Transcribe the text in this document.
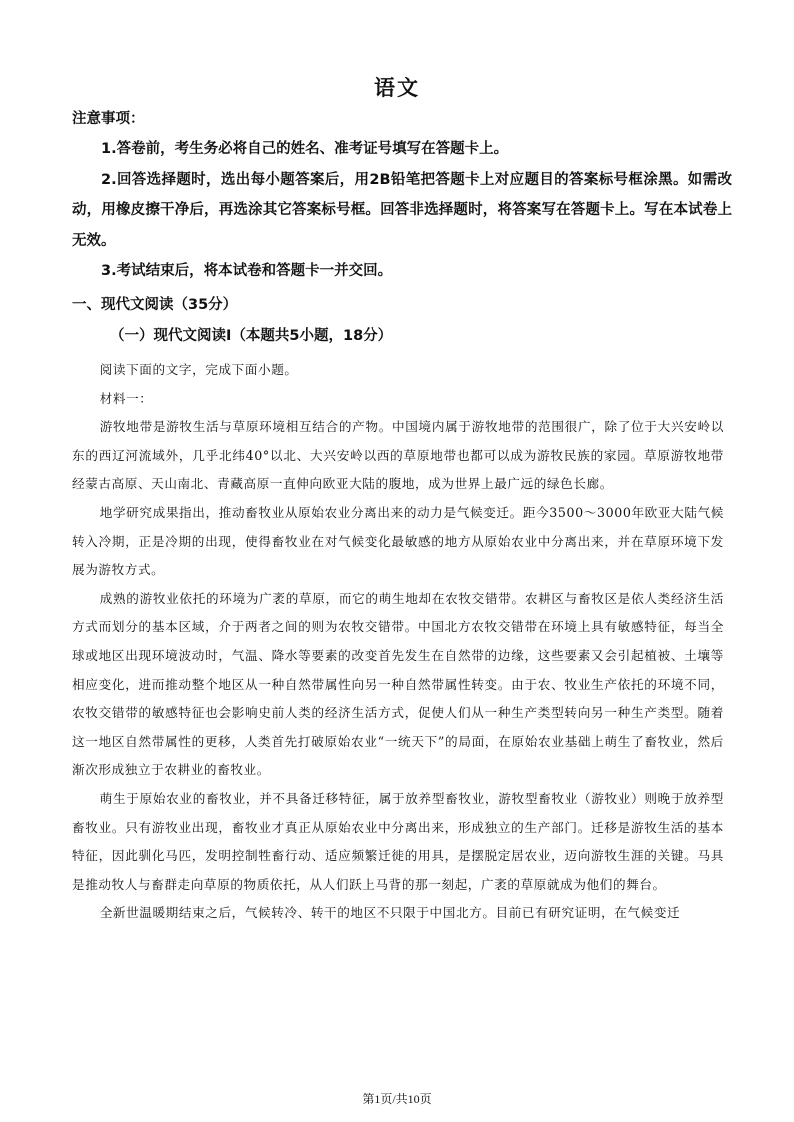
语文

注意事项：

1.答卷前，考生务必将自己的姓名、准考证号填写在答题卡上。

2.回答选择题时，选出每小题答案后，用2B铅笔把答题卡上对应题目的答案标号框涂黑。如需改动，用橡皮擦干净后，再选涂其它答案标号框。回答非选择题时，将答案写在答题卡上。写在本试卷上无效。

3.考试结束后，将本试卷和答题卡一并交回。

一、现代文阅读（35分）

（一）现代文阅读Ⅰ（本题共5小题，18分）

阅读下面的文字，完成下面小题。

材料一：

游牧地带是游牧生活与草原环境相互结合的产物。中国境内属于游牧地带的范围很广，除了位于大兴安岭以东的西辽河流域外，几乎北纬40°以北、大兴安岭以西的草原地带也都可以成为游牧民族的家园。草原游牧地带经蒙古高原、天山南北、青藏高原一直伸向欧亚大陆的腹地，成为世界上最广远的绿色长廊。

地学研究成果指出，推动畜牧业从原始农业分离出来的动力是气候变迁。距今3500～3000年欧亚大陆气候转入冷期，正是冷期的出现，使得畜牧业在对气候变化最敏感的地方从原始农业中分离出来，并在草原环境下发展为游牧方式。

成熟的游牧业依托的环境为广袤的草原，而它的萌生地却在农牧交错带。农耕区与畜牧区是依人类经济生活方式而划分的基本区域，介于两者之间的则为农牧交错带。中国北方农牧交错带在环境上具有敏感特征，每当全球或地区出现环境波动时，气温、降水等要素的改变首先发生在自然带的边缘，这些要素又会引起植被、土壤等相应变化，进而推动整个地区从一种自然带属性向另一种自然带属性转变。由于农、牧业生产依托的环境不同，农牧交错带的敏感特征也会影响史前人类的经济生活方式，促使人们从一种生产类型转向另一种生产类型。随着这一地区自然带属性的更移，人类首先打破原始农业“一统天下”的局面，在原始农业基础上萌生了畜牧业，然后渐次形成独立于农耕业的畜牧业。

萌生于原始农业的畜牧业，并不具备迁移特征，属于放养型畜牧业，游牧型畜牧业（游牧业）则晚于放养型畜牧业。只有游牧业出现，畜牧业才真正从原始农业中分离出来，形成独立的生产部门。迁移是游牧生活的基本特征，因此驯化马匹，发明控制牲畜行动、适应频繁迁徙的用具，是摆脱定居农业，迈向游牧生涯的关键。马具是推动牧人与畜群走向草原的物质依托，从人们跃上马背的那一刻起，广袤的草原就成为他们的舞台。

全新世温暖期结束之后，气候转冷、转干的地区不只限于中国北方。目前已有研究证明，在气候变迁

第1页/共10页
